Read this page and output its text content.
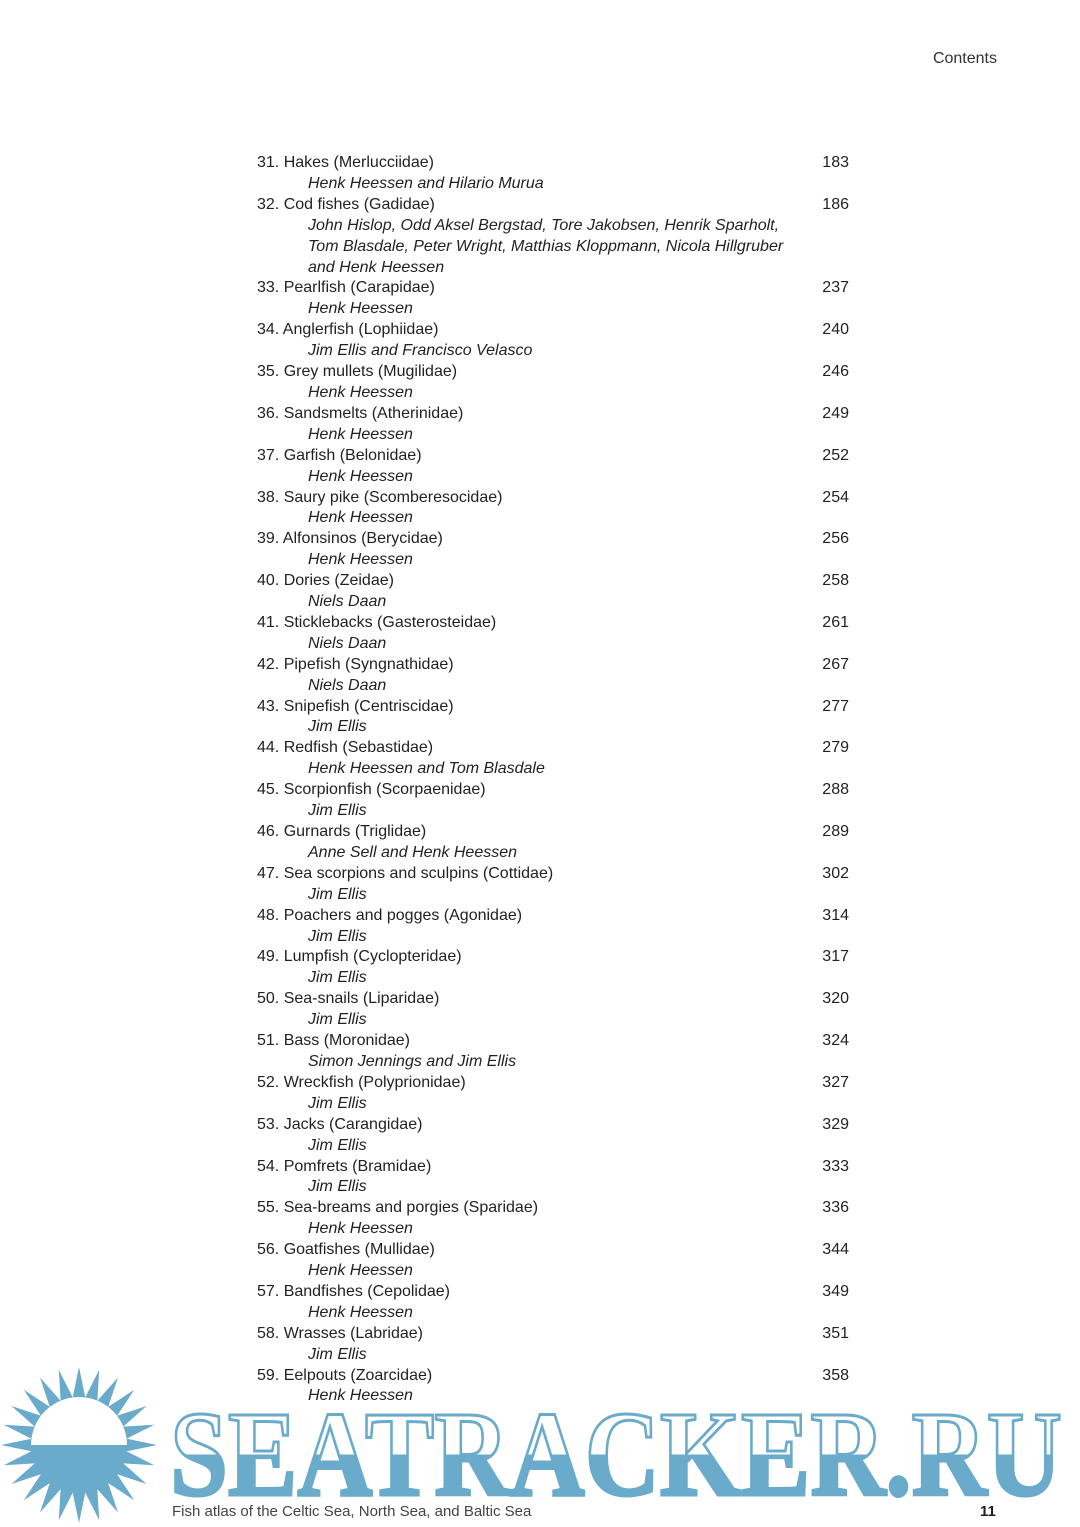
Contents
31. Hakes (Merlucciidae)	183
Henk Heessen and Hilario Murua
32. Cod fishes (Gadidae)	186
John Hislop, Odd Aksel Bergstad, Tore Jakobsen, Henrik Sparholt,
Tom Blasdale, Peter Wright, Matthias Kloppmann, Nicola Hillgruber
and Henk Heessen
33. Pearlfish (Carapidae)	237
Henk Heessen
34. Anglerfish (Lophiidae)	240
Jim Ellis and Francisco Velasco
35. Grey mullets (Mugilidae)	246
Henk Heessen
36. Sandsmelts (Atherinidae)	249
Henk Heessen
37. Garfish (Belonidae)	252
Henk Heessen
38. Saury pike (Scomberesocidae)	254
Henk Heessen
39. Alfonsinos (Berycidae)	256
Henk Heessen
40. Dories (Zeidae)	258
Niels Daan
41. Sticklebacks (Gasterosteidae)	261
Niels Daan
42. Pipefish (Syngnathidae)	267
Niels Daan
43. Snipefish (Centriscidae)	277
Jim Ellis
44. Redfish (Sebastidae)	279
Henk Heessen and Tom Blasdale
45. Scorpionfish (Scorpaenidae)	288
Jim Ellis
46. Gurnards (Triglidae)	289
Anne Sell and Henk Heessen
47. Sea scorpions and sculpins (Cottidae)	302
Jim Ellis
48. Poachers and pogges (Agonidae)	314
Jim Ellis
49. Lumpfish (Cyclopteridae)	317
Jim Ellis
50. Sea-snails (Liparidae)	320
Jim Ellis
51. Bass (Moronidae)	324
Simon Jennings and Jim Ellis
52. Wreckfish (Polyprionidae)	327
Jim Ellis
53. Jacks (Carangidae)	329
Jim Ellis
54. Pomfrets (Bramidae)	333
Jim Ellis
55. Sea-breams and porgies (Sparidae)	336
Henk Heessen
56. Goatfishes (Mullidae)	344
Henk Heessen
57. Bandfishes (Cepolidae)	349
Henk Heessen
58. Wrasses (Labridae)	351
Jim Ellis
59. Eelpouts (Zoarcidae)	358
Henk Heessen
SEATRACKER.RU
Fish atlas of the Celtic Sea, North Sea, and Baltic Sea	11
